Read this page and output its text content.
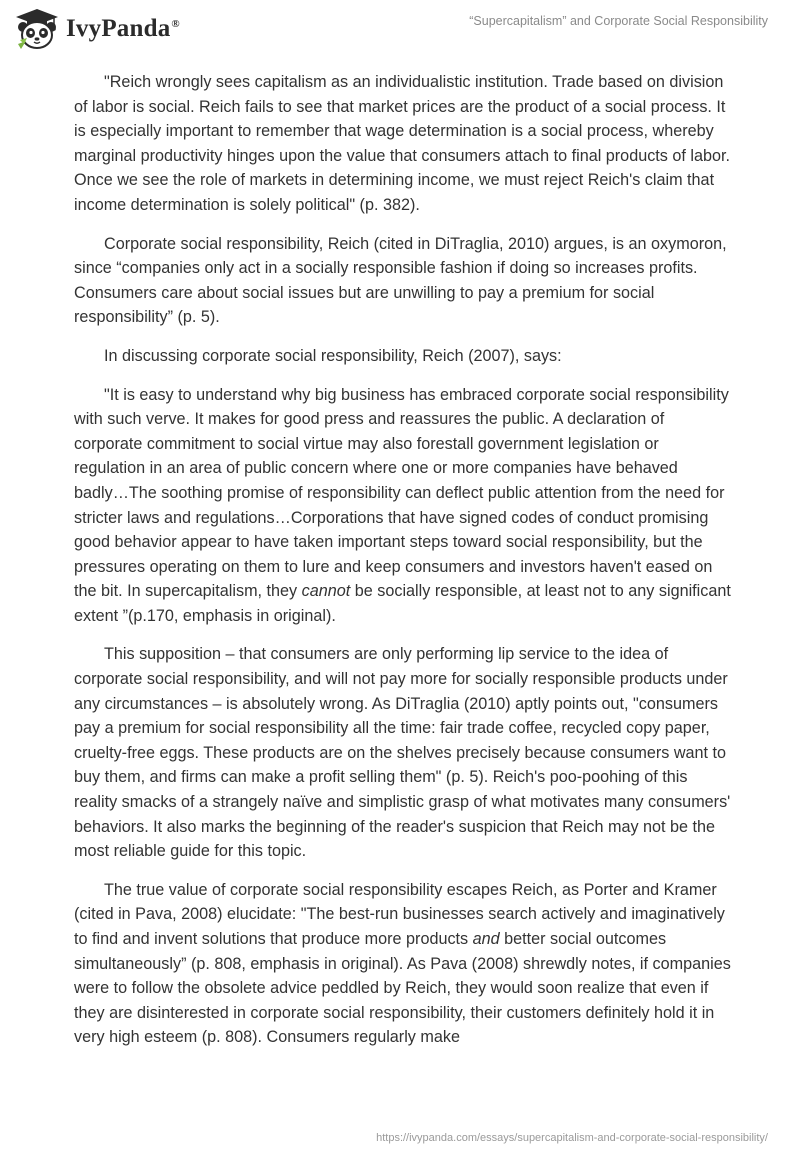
IvyPanda®	“Supercapitalism” and Corporate Social Responsibility

"Reich wrongly sees capitalism as an individualistic institution. Trade based on division of labor is social. Reich fails to see that market prices are the product of a social process. It is especially important to remember that wage determination is a social process, whereby marginal productivity hinges upon the value that consumers attach to final products of labor. Once we see the role of markets in determining income, we must reject Reich's claim that income determination is solely political" (p. 382).

Corporate social responsibility, Reich (cited in DiTraglia, 2010) argues, is an oxymoron, since “companies only act in a socially responsible fashion if doing so increases profits. Consumers care about social issues but are unwilling to pay a premium for social responsibility” (p. 5).

In discussing corporate social responsibility, Reich (2007), says:

"It is easy to understand why big business has embraced corporate social responsibility with such verve. It makes for good press and reassures the public. A declaration of corporate commitment to social virtue may also forestall government legislation or regulation in an area of public concern where one or more companies have behaved badly…The soothing promise of responsibility can deflect public attention from the need for stricter laws and regulations…Corporations that have signed codes of conduct promising good behavior appear to have taken important steps toward social responsibility, but the pressures operating on them to lure and keep consumers and investors haven't eased on the bit. In supercapitalism, they cannot be socially responsible, at least not to any significant extent ”(p.170, emphasis in original).

This supposition – that consumers are only performing lip service to the idea of corporate social responsibility, and will not pay more for socially responsible products under any circumstances – is absolutely wrong. As DiTraglia (2010) aptly points out, "consumers pay a premium for social responsibility all the time: fair trade coffee, recycled copy paper, cruelty-free eggs. These products are on the shelves precisely because consumers want to buy them, and firms can make a profit selling them" (p. 5). Reich's poo-poohing of this reality smacks of a strangely naïve and simplistic grasp of what motivates many consumers' behaviors. It also marks the beginning of the reader's suspicion that Reich may not be the most reliable guide for this topic.

The true value of corporate social responsibility escapes Reich, as Porter and Kramer (cited in Pava, 2008) elucidate: "The best-run businesses search actively and imaginatively to find and invent solutions that produce more products and better social outcomes simultaneously” (p. 808, emphasis in original). As Pava (2008) shrewdly notes, if companies were to follow the obsolete advice peddled by Reich, they would soon realize that even if they are disinterested in corporate social responsibility, their customers definitely hold it in very high esteem (p. 808). Consumers regularly make

https://ivypanda.com/essays/supercapitalism-and-corporate-social-responsibility/
